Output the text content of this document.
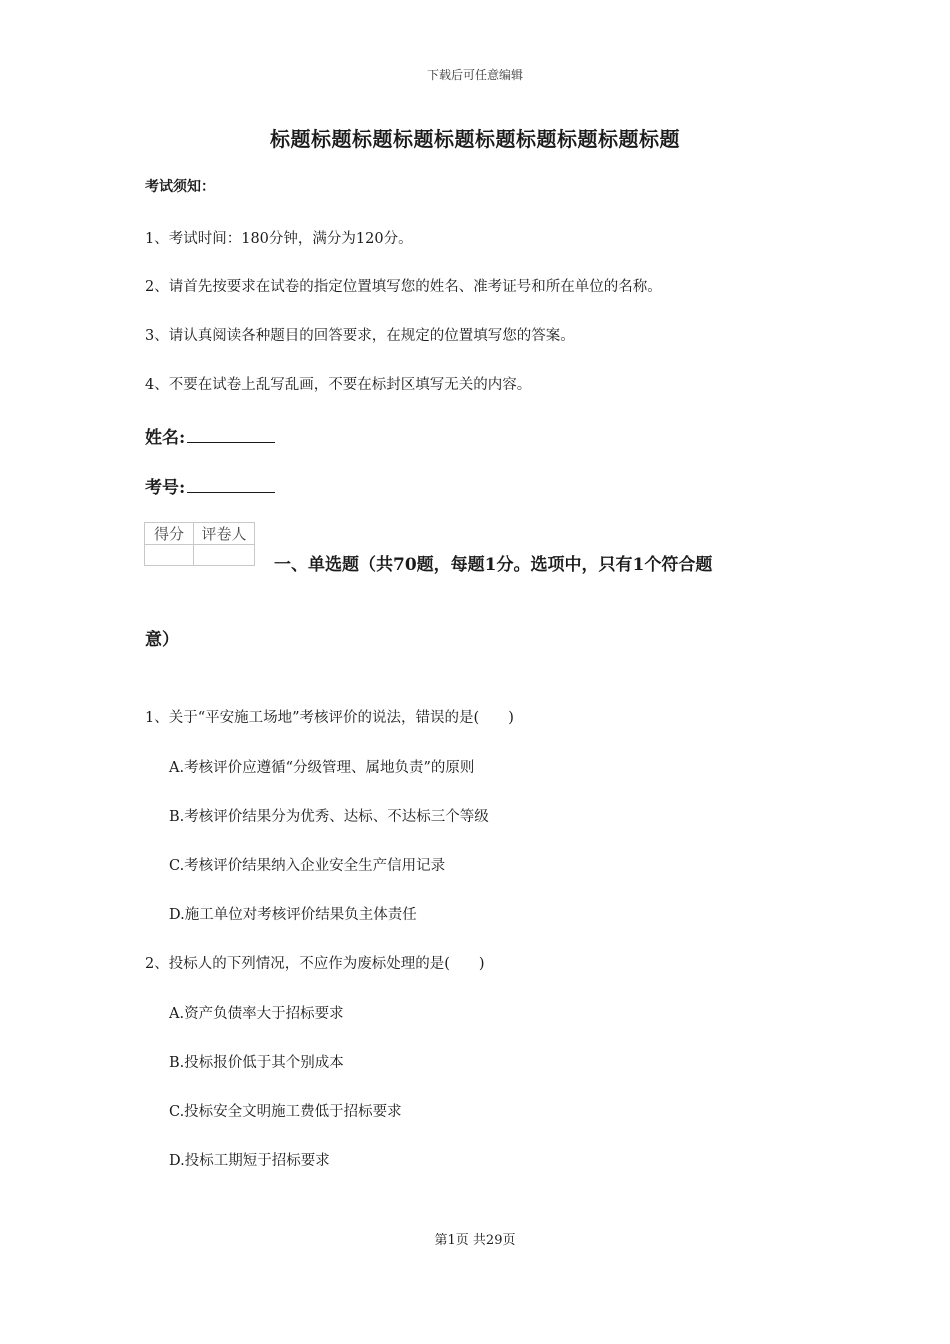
下载后可任意编辑
标题标题标题标题标题标题标题标题标题标题
考试须知：
1、考试时间：180分钟，满分为120分。
2、请首先按要求在试卷的指定位置填写您的姓名、准考证号和所在单位的名称。
3、请认真阅读各种题目的回答要求，在规定的位置填写您的答案。
4、不要在试卷上乱写乱画，不要在标封区填写无关的内容。
姓名:
考号:
得分	评卷人

一、单选题（共70题，每题1分。选项中，只有1个符合题
意）
1、关于“平安施工场地”考核评价的说法，错误的是(　　)
A.考核评价应遵循“分级管理、属地负责”的原则
B.考核评价结果分为优秀、达标、不达标三个等级
C.考核评价结果纳入企业安全生产信用记录
D.施工单位对考核评价结果负主体责任
2、投标人的下列情况，不应作为废标处理的是(　　)
A.资产负债率大于招标要求
B.投标报价低于其个别成本
C.投标安全文明施工费低于招标要求
D.投标工期短于招标要求
第1页 共29页
